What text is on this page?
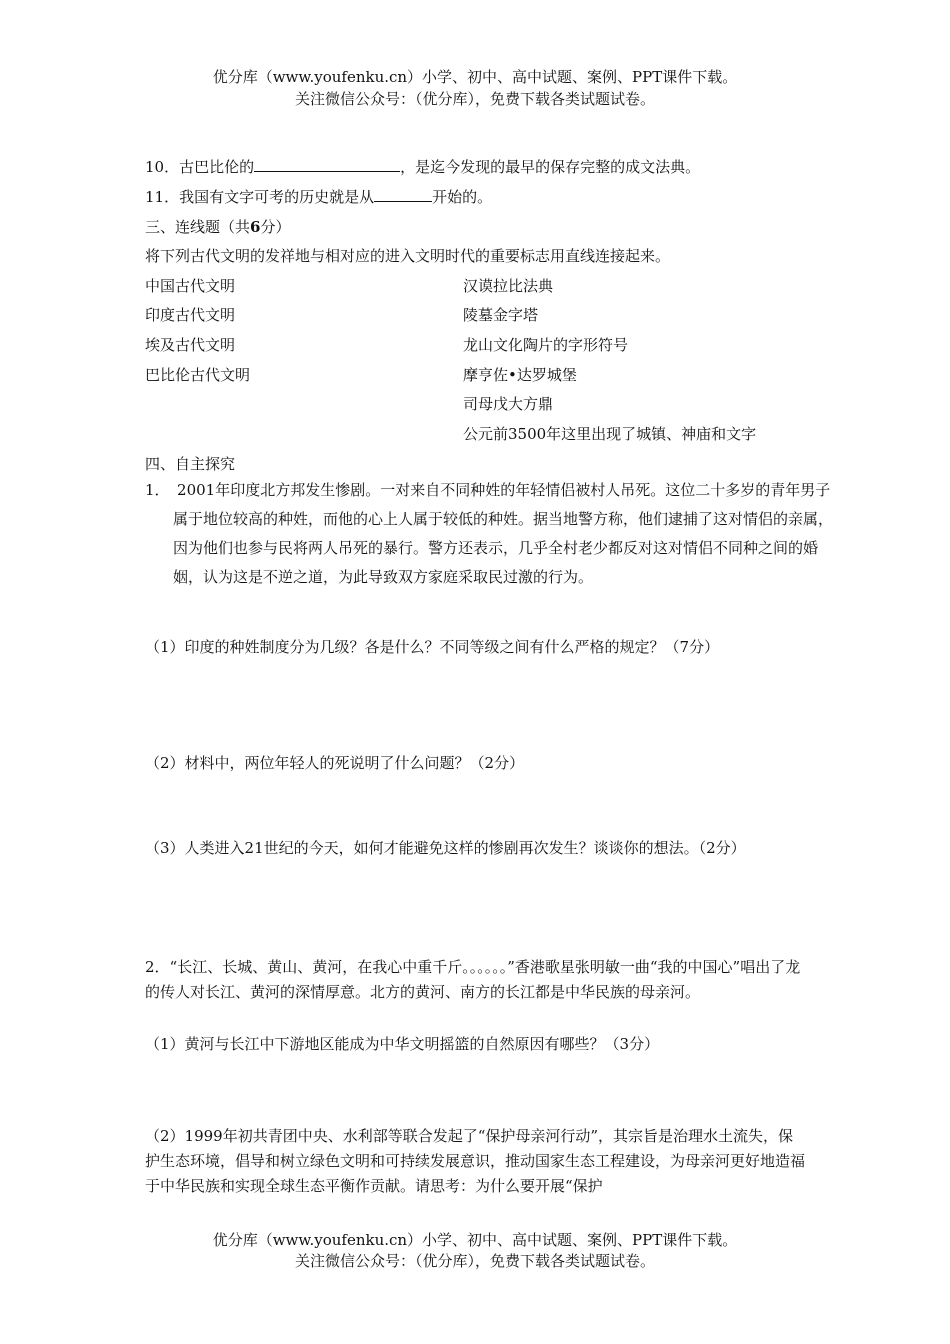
优分库（www.youfenku.cn）小学、初中、高中试题、案例、PPT课件下载。
关注微信公众号：（优分库），免费下载各类试题试卷。
10．古巴比伦的	，是迄今发现的最早的保存完整的成文法典。
11．我国有文字可考的历史就是从	开始的。
三、连线题（共6分）
将下列古代文明的发祥地与相对应的进入文明时代的重要标志用直线连接起来。
中国古代文明
印度古代文明
埃及古代文明
巴比伦古代文明
汉谟拉比法典
陵墓金字塔
龙山文化陶片的字形符号
摩亨佐•达罗城堡
司母戊大方鼎
公元前3500年这里出现了城镇、神庙和文字
四、自主探究
1．　2001年印度北方邦发生惨剧。一对来自不同种姓的年轻情侣被村人吊死。这位二十多岁的青年男子属于地位较高的种姓，而他的心上人属于较低的种姓。据当地警方称，他们逮捕了这对情侣的亲属，因为他们也参与民将两人吊死的暴行。警方还表示，几乎全村老少都反对这对情侣不同种之间的婚姻，认为这是不逆之道，为此导致双方家庭采取民过激的行为。
（1）印度的种姓制度分为几级？各是什么？不同等级之间有什么严格的规定？（7分）
（2）材料中，两位年轻人的死说明了什么问题？（2分）
（3）人类进入21世纪的今天，如何才能避免这样的惨剧再次发生？谈谈你的想法。（2分）
2．“长江、长城、黄山、黄河，在我心中重千斤。。。。。。”香港歌星张明敏一曲“我的中国心”唱出了龙的传人对长江、黄河的深情厚意。北方的黄河、南方的长江都是中华民族的母亲河。
（1）黄河与长江中下游地区能成为中华文明摇篮的自然原因有哪些？（3分）
（2）1999年初共青团中央、水利部等联合发起了“保护母亲河行动”，其宗旨是治理水土流失，保护生态环境，倡导和树立绿色文明和可持续发展意识，推动国家生态工程建设，为母亲河更好地造福于中华民族和实现全球生态平衡作贡献。请思考：为什么要开展“保护
优分库（www.youfenku.cn）小学、初中、高中试题、案例、PPT课件下载。
关注微信公众号：（优分库），免费下载各类试题试卷。
